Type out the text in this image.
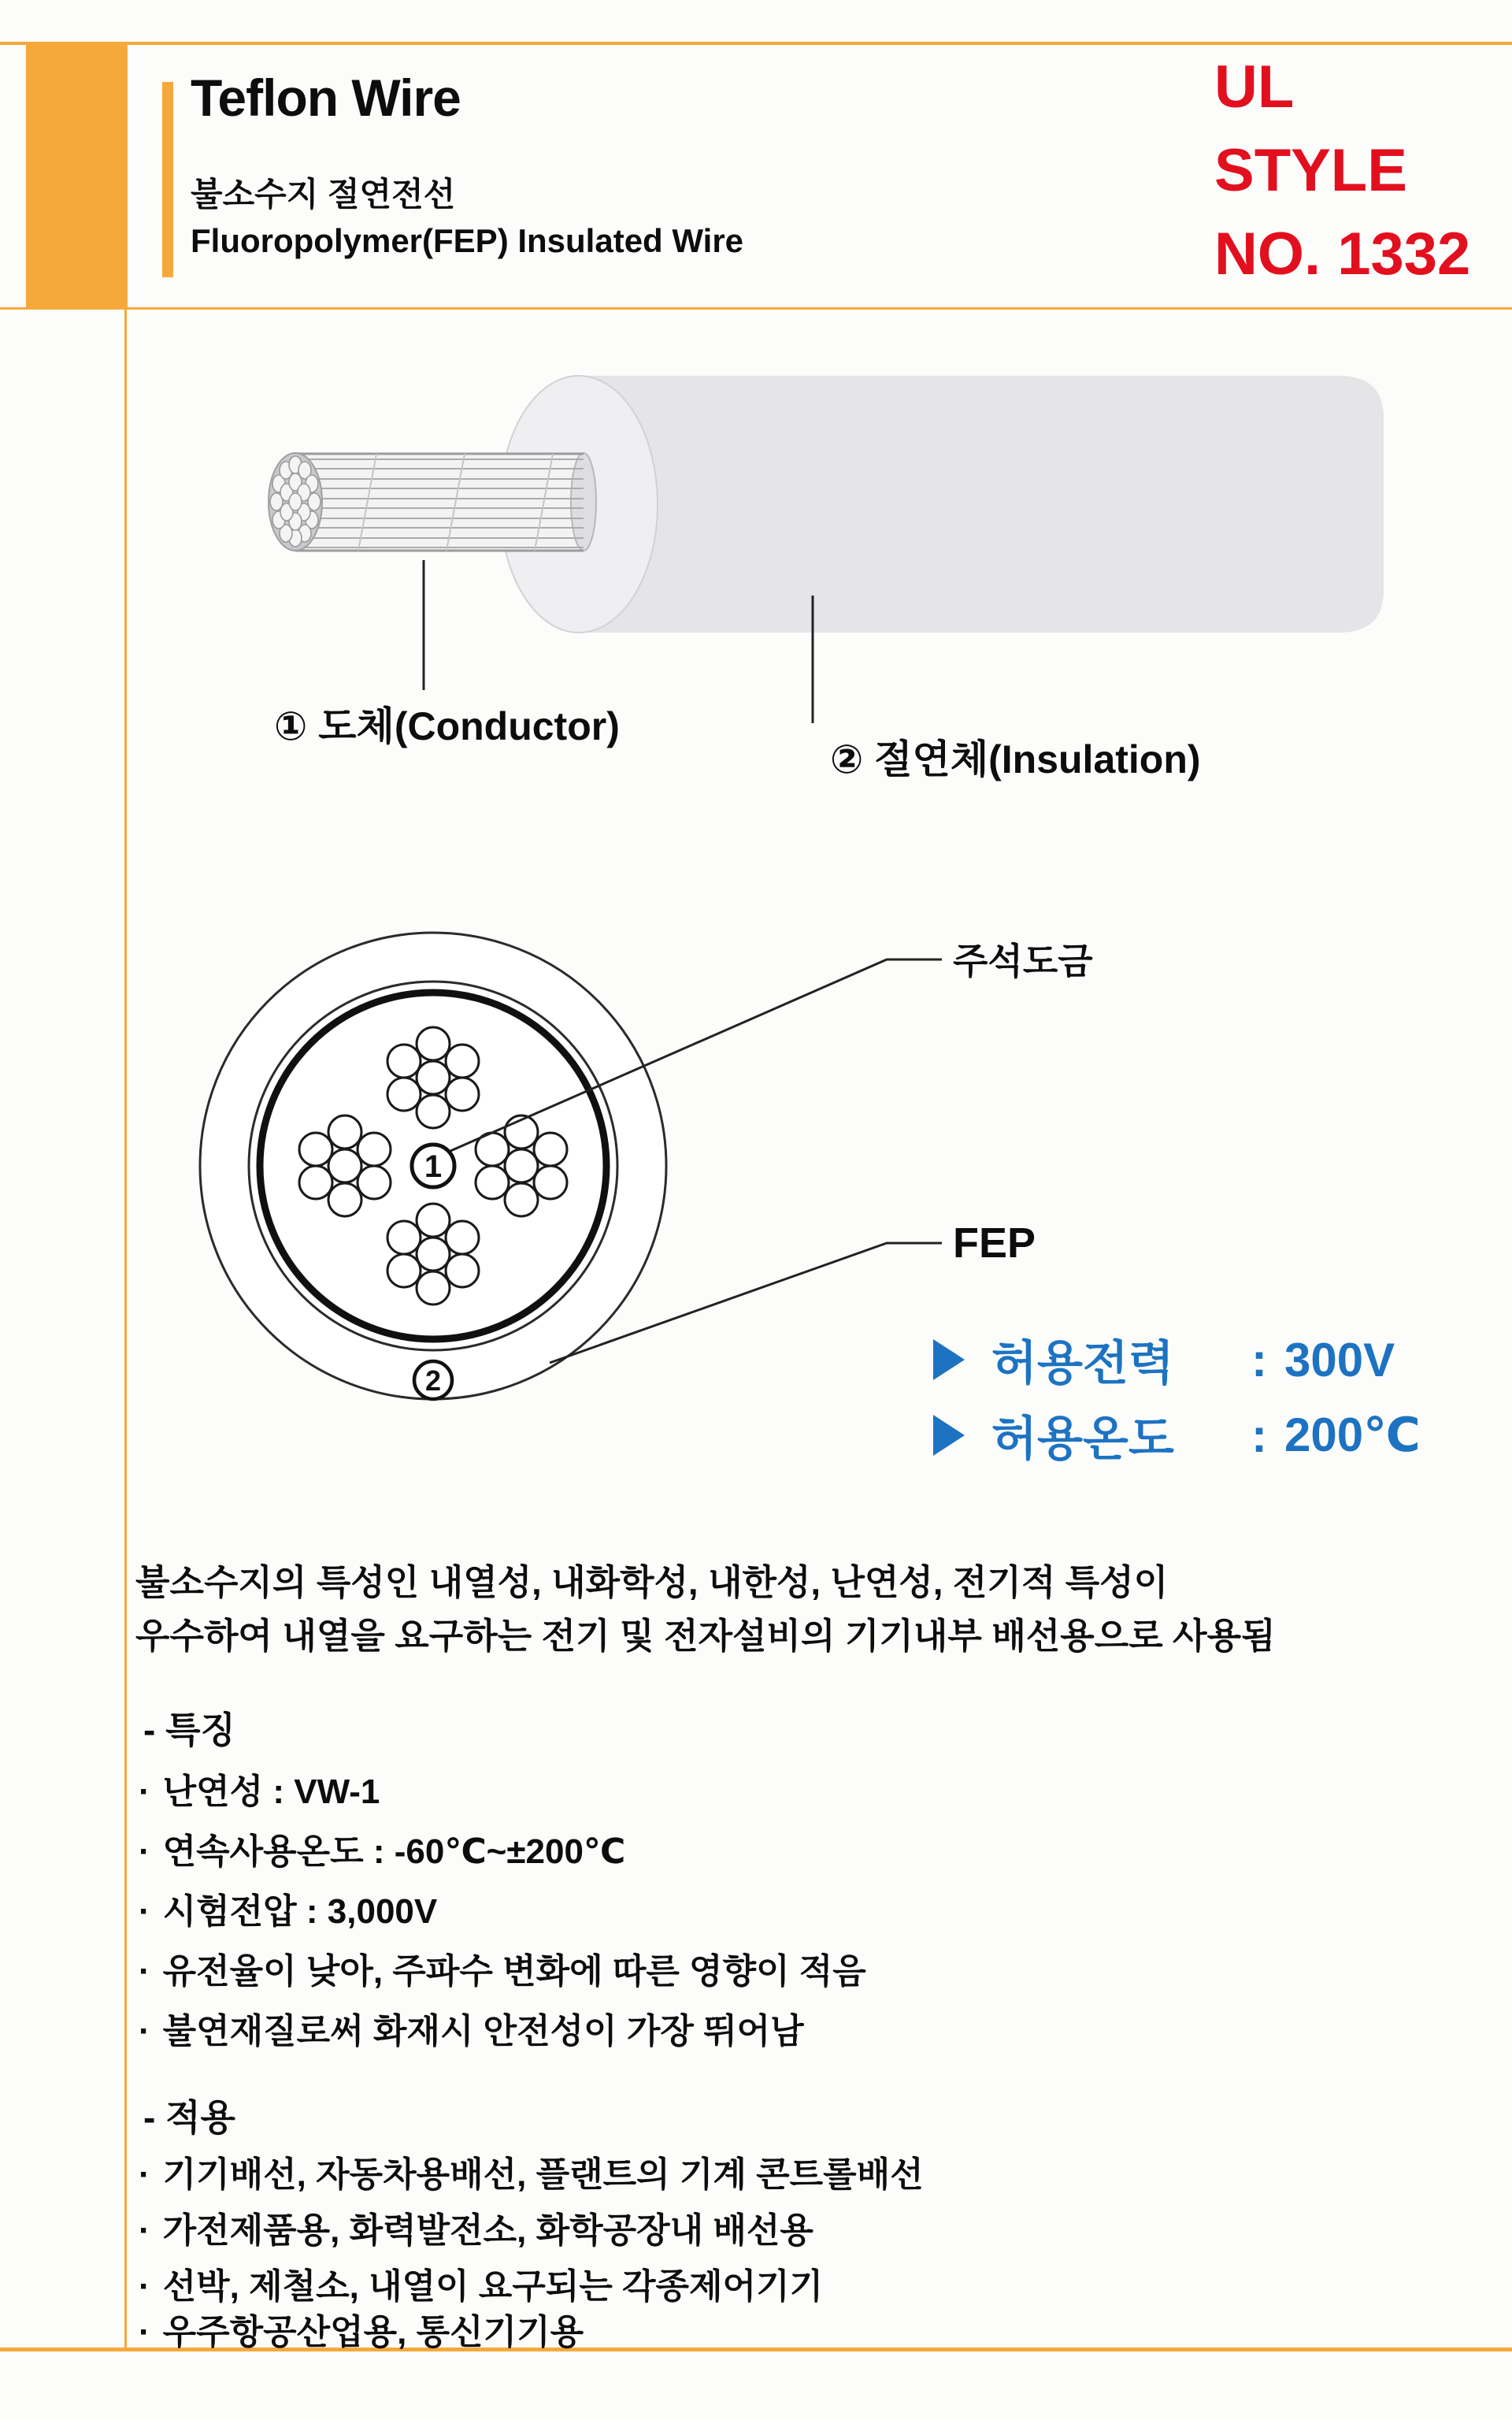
Teflon Wire
불소수지 절연전선
Fluoropolymer(FEP) Insulated Wire
UL
STYLE
NO. 1332
① 도체(Conductor)
② 절연체(Insulation)
1
2
주석도금
FEP
허용전력	: 300V
허용온도	: 200℃
불소수지의 특성인 내열성, 내화학성, 내한성, 난연성, 전기적 특성이
우수하여 내열을 요구하는 전기 및 전자설비의 기기내부 배선용으로 사용됨
- 특징
· 난연성 : VW-1
· 연속사용온도 : -60℃~±200℃
· 시험전압 : 3,000V
· 유전율이 낮아, 주파수 변화에 따른 영향이 적음
· 불연재질로써 화재시 안전성이 가장 뛰어남
- 적용
· 기기배선, 자동차용배선, 플랜트의 기계 콘트롤배선
· 가전제품용, 화력발전소, 화학공장내 배선용
· 선박, 제철소, 내열이 요구되는 각종제어기기
· 우주항공산업용, 통신기기용
